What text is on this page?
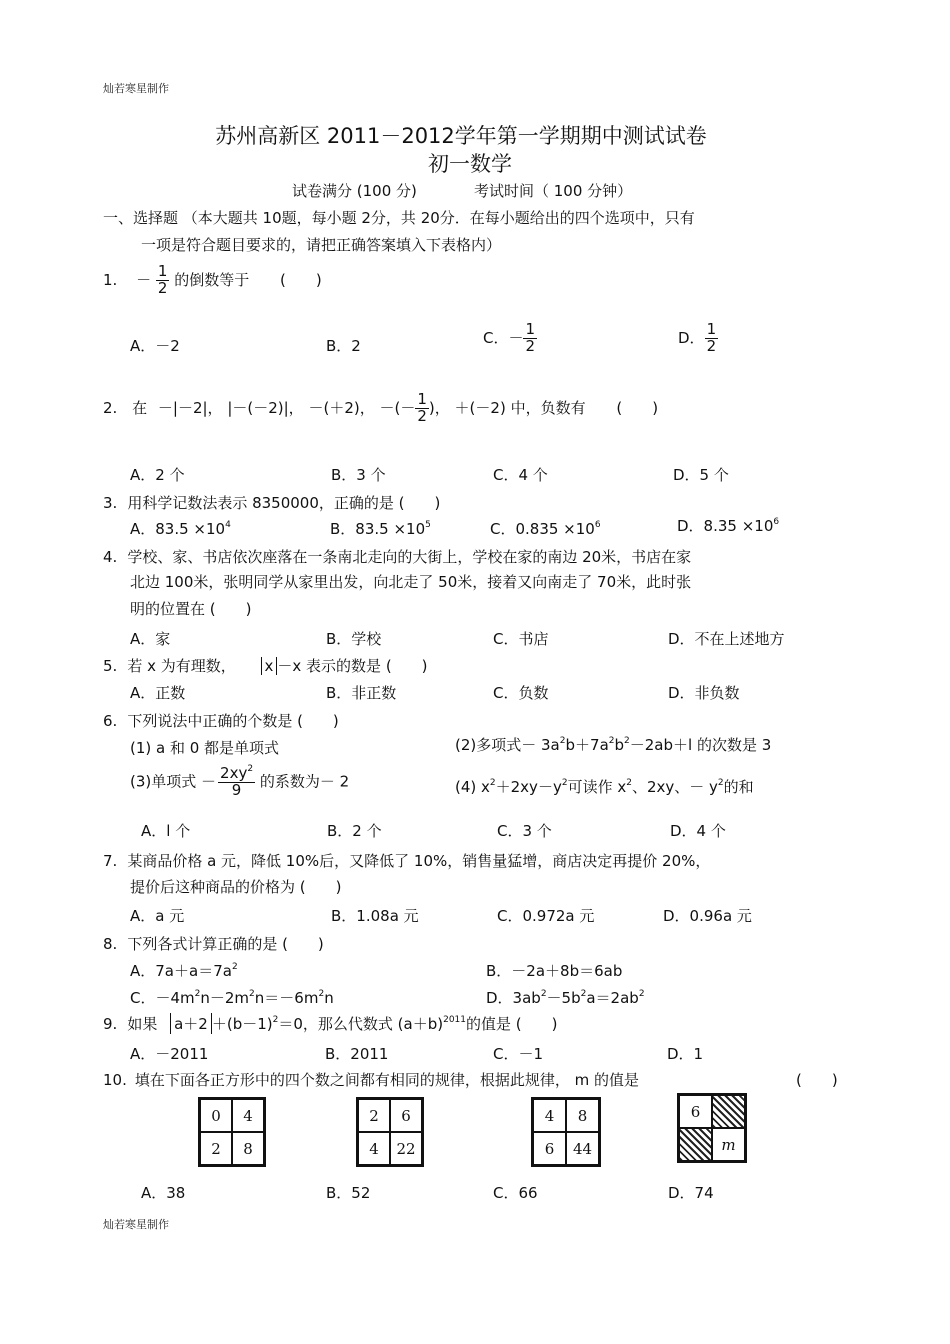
灿若寒星制作
灿若寒星制作
苏州高新区 2011－2012学年第一学期期中测试试卷
初一数学
试卷满分 (100 分)	考试时间（ 100 分钟）
一、选择题 （本大题共 10题，每小题 2分，共 20分．在每小题给出的四个选项中，只有
一项是符合题目要求的，请把正确答案填入下表格内）
1. － $\frac{1}{2}$ 的倒数等于 (　　)
A．－2	B．2	C．－ $\frac{1}{2}$	D． $\frac{1}{2}$
2. 在 －|－2|， |－(－2)|， －(＋2)， －(－ $\frac{1}{2}$ )， ＋(－2) 中，负数有 (　　)
A．2 个	B．3 个	C．4 个	D．5 个
3. 用科学记数法表示 8350000，正确的是 (　　)
A．$83.5 \times 10^4$	B．$83.5 \times 10^5$	C．$0.835 \times 10^6$	D．$8.35 \times 10^6$
4. 学校、家、书店依次座落在一条南北走向的大街上，学校在家的南边 20米，书店在家
北边 100米，张明同学从家里出发，向北走了 50米，接着又向南走了 70米，此时张
明的位置在 (　　)
A．家	B．学校	C．书店	D．不在上述地方
5. 若 x 为有理数， x －x 表示的数是 (　　)
A．正数	B．非正数	C．负数	D．非负数
6. 下列说法中正确的个数是 (　　)
(1) a 和 0 都是单项式	(2)多项式－ $3a^2b+7a^2b^2-2ab+l$ 的次数是 3
(3)单项式 － $\frac{2xy^2}{9}$ 的系数为－ 2	(4) $x^2+2xy-y^2$可读作 $x^2$、2xy、－ $y^2$的和
A．l 个	B．2 个	C．3 个	D．4 个
7. 某商品价格 a 元，降低 10%后，又降低了 10%，销售量猛增，商店决定再提价 20%，
提价后这种商品的价格为 (　　)
A．a 元	B．1.08a 元	C．0.972a 元	D．0.96a 元
8. 下列各式计算正确的是 (　　)
A．$7a+a=7a^2$	B．－2a＋8b＝6ab
C．$-4m^2n-2m^2n=-6m^2n$	D．$3ab^2-5b^2a=2ab^2$
9. 如果 $a+2 +(b-1)^2=0$，那么代数式 $(a+b)^{2011}$的值是 (　　)
A．－2011	B．2011	C．－1	D．1
10. 填在下面各正方形中的四个数之间都有相同的规律，根据此规律， m 的值是	(　　)
0	4
2	8
2	6
4	22
4	8
6	44
6
m
A．38	B．52	C．66	D．74
